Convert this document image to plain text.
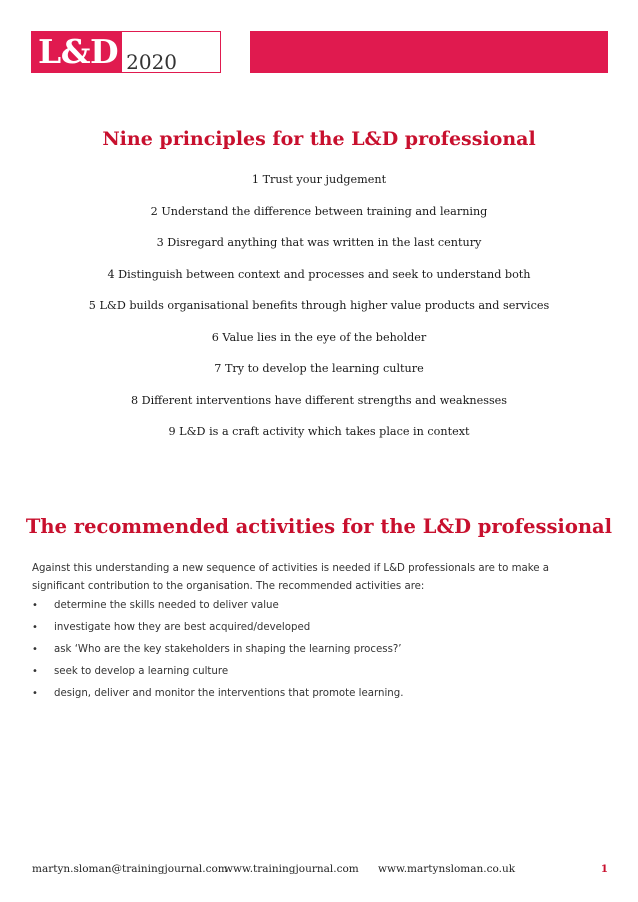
L&D 2020
Nine principles for the L&D professional
1 Trust your judgement
2 Understand the difference between training and learning
3 Disregard anything that was written in the last century
4 Distinguish between context and processes and seek to understand both
5 L&D builds organisational benefits through higher value products and services
6 Value lies in the eye of the beholder
7 Try to develop the learning culture
8 Different interventions have different strengths and weaknesses
9 L&D is a craft activity which takes place in context
The recommended activities for the L&D professional

Against this understanding a new sequence of activities is needed if L&D professionals are to make a significant contribution to the organisation. The recommended activities are:

•	determine the skills needed to deliver value
•	investigate how they are best acquired/developed
•	ask ‘Who are the key stakeholders in shaping the learning process?’
•	seek to develop a learning culture
•	design, deliver and monitor the interventions that promote learning.
martyn.sloman@trainingjournal.com
www.trainingjournal.com www.martynsloman.co.uk	1
